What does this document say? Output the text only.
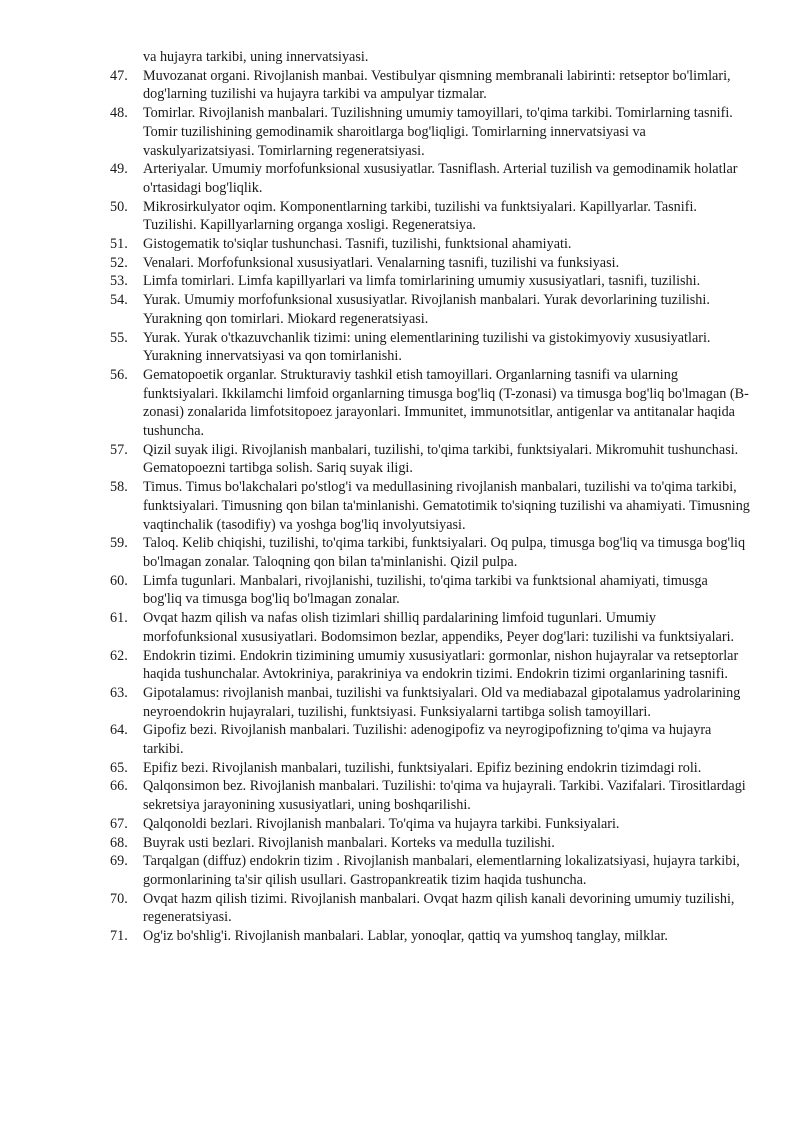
va hujayra tarkibi, uning innervatsiyasi.
47.	Muvozanat organi. Rivojlanish manbai. Vestibulyar qismning membranali labirinti: retseptor bo'limlari, dog'larning tuzilishi va hujayra tarkibi va ampulyar tizmalar.
48.	Tomirlar. Rivojlanish manbalari. Tuzilishning umumiy tamoyillari, to'qima tarkibi. Tomirlarning tasnifi. Tomir tuzilishining gemodinamik sharoitlarga bog'liqligi. Tomirlarning innervatsiyasi va vaskulyarizatsiyasi. Tomirlarning regeneratsiyasi.
49.	Arteriyalar. Umumiy morfofunksional xususiyatlar. Tasniflash. Arterial tuzilish va gemodinamik holatlar o'rtasidagi bog'liqlik.
50.	Mikrosirkulyator oqim. Komponentlarning tarkibi, tuzilishi va funktsiyalari. Kapillyarlar. Tasnifi. Tuzilishi. Kapillyarlarning organga xosligi. Regeneratsiya.
51.	Gistogematik to'siqlar tushunchasi. Tasnifi, tuzilishi, funktsional ahamiyati.
52.	Venalari. Morfofunksional xususiyatlari. Venalarning tasnifi, tuzilishi va funksiyasi.
53.	Limfa tomirlari. Limfa kapillyarlari va limfa tomirlarining umumiy xususiyatlari, tasnifi, tuzilishi.
54.	Yurak. Umumiy morfofunksional xususiyatlar. Rivojlanish manbalari. Yurak devorlarining tuzilishi. Yurakning qon tomirlari. Miokard regeneratsiyasi.
55.	Yurak. Yurak o'tkazuvchanlik tizimi: uning elementlarining tuzilishi va gistokimyoviy xususiyatlari. Yurakning innervatsiyasi va qon tomirlanishi.
56.	Gematopoetik organlar. Strukturaviy tashkil etish tamoyillari. Organlarning tasnifi va ularning funktsiyalari. Ikkilamchi limfoid organlarning timusga bog'liq (T-zonasi) va timusga bog'liq bo'lmagan (B-zonasi) zonalarida limfotsitopoez jarayonlari. Immunitet, immunotsitlar, antigenlar va antitanalar haqida tushuncha.
57.	Qizil suyak iligi. Rivojlanish manbalari, tuzilishi, to'qima tarkibi, funktsiyalari. Mikromuhit tushunchasi. Gematopoezni tartibga solish. Sariq suyak iligi.
58.	Timus. Timus bo'lakchalari po'stlog'i va medullasining rivojlanish manbalari, tuzilishi va to'qima tarkibi, funktsiyalari. Timusning qon bilan ta'minlanishi. Gematotimik to'siqning tuzilishi va ahamiyati. Timusning vaqtinchalik (tasodifiy) va yoshga bog'liq involyutsiyasi.
59.	Taloq. Kelib chiqishi, tuzilishi, to'qima tarkibi, funktsiyalari. Oq pulpa, timusga bog'liq va timusga bog'liq bo'lmagan zonalar. Taloqning qon bilan ta'minlanishi. Qizil pulpa.
60.	Limfa tugunlari. Manbalari, rivojlanishi, tuzilishi, to'qima tarkibi va funktsional ahamiyati, timusga bog'liq va timusga bog'liq bo'lmagan zonalar.
61.	Ovqat hazm qilish va nafas olish tizimlari shilliq pardalarining limfoid tugunlari. Umumiy morfofunksional xususiyatlari. Bodomsimon bezlar, appendiks, Peyer dog'lari: tuzilishi va funktsiyalari.
62.	Endokrin tizimi. Endokrin tizimining umumiy xususiyatlari: gormonlar, nishon hujayralar va retseptorlar haqida tushunchalar. Avtokriniya, parakriniya va endokrin tizimi. Endokrin tizimi organlarining tasnifi.
63.	Gipotalamus: rivojlanish manbai, tuzilishi va funktsiyalari. Old va mediabazal gipotalamus yadrolarining neyroendokrin hujayralari, tuzilishi, funktsiyasi. Funksiyalarni tartibga solish tamoyillari.
64.	Gipofiz bezi. Rivojlanish manbalari. Tuzilishi: adenogipofiz va neyrogipofizning to'qima va hujayra tarkibi.
65.	Epifiz bezi. Rivojlanish manbalari, tuzilishi, funktsiyalari. Epifiz bezining endokrin tizimdagi roli.
66.	Qalqonsimon bez. Rivojlanish manbalari. Tuzilishi: to'qima va hujayrali. Tarkibi. Vazifalari. Tirositlardagi sekretsiya jarayonining xususiyatlari, uning boshqarilishi.
67.	Qalqonoldi bezlari. Rivojlanish manbalari. To'qima va hujayra tarkibi. Funksiyalari.
68.	Buyrak usti bezlari. Rivojlanish manbalari. Korteks va medulla tuzilishi.
69.	Tarqalgan (diffuz) endokrin tizim . Rivojlanish manbalari, elementlarning lokalizatsiyasi, hujayra tarkibi, gormonlarining ta'sir qilish usullari. Gastropankreatik tizim haqida tushuncha.
70.	Ovqat hazm qilish tizimi. Rivojlanish manbalari. Ovqat hazm qilish kanali devorining umumiy tuzilishi, regeneratsiyasi.
71.	Og'iz bo'shlig'i. Rivojlanish manbalari. Lablar, yonoqlar, qattiq va yumshoq tanglay, milklar.
